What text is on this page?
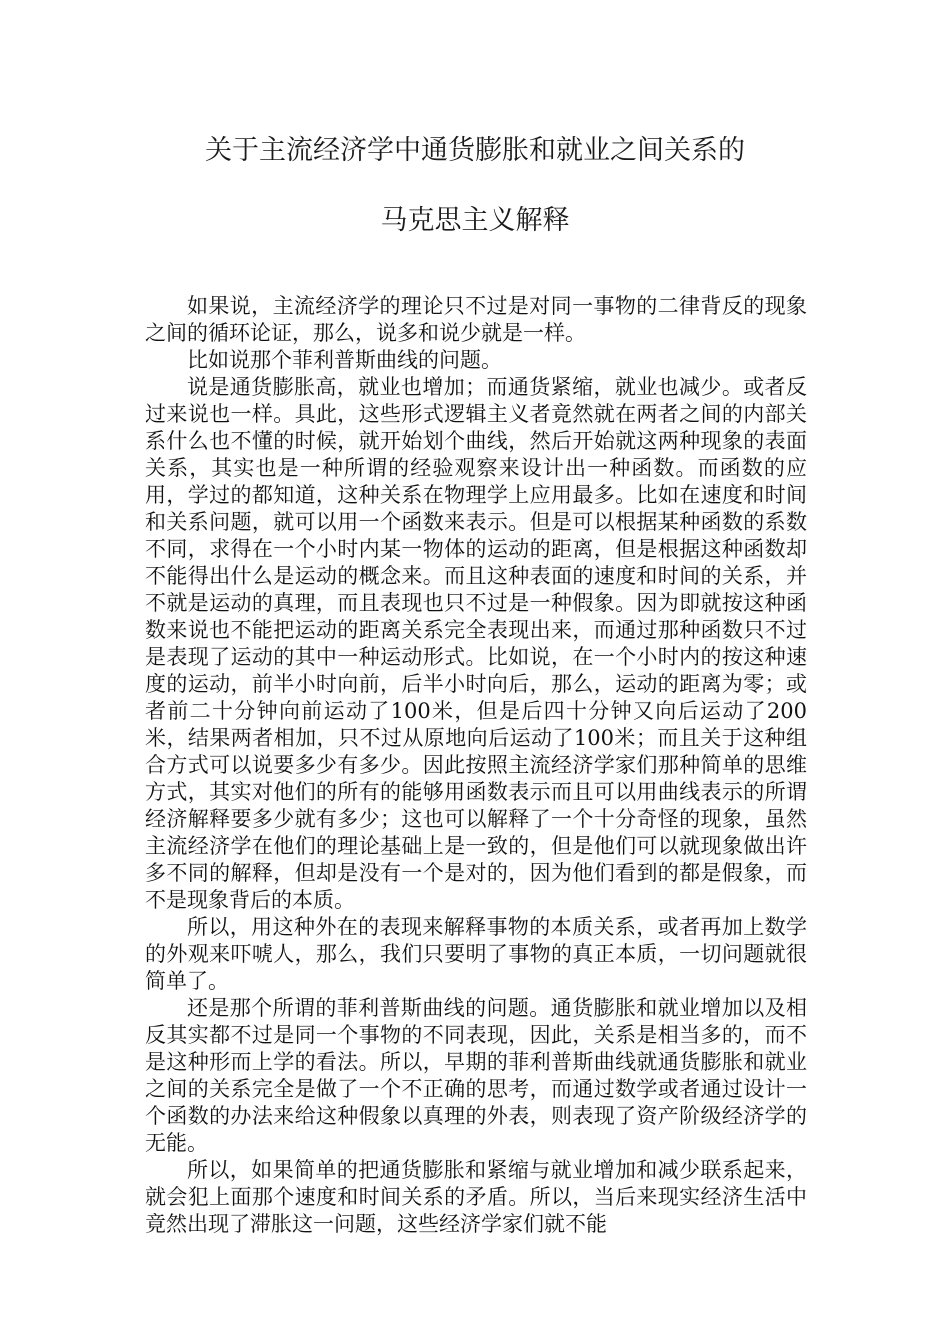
关于主流经济学中通货膨胀和就业之间关系的
马克思主义解释

如果说，主流经济学的理论只不过是对同一事物的二律背反的现象之间的循环论证，那么，说多和说少就是一样。

比如说那个菲利普斯曲线的问题。

说是通货膨胀高，就业也增加；而通货紧缩，就业也减少。或者反过来说也一样。具此，这些形式逻辑主义者竟然就在两者之间的内部关系什么也不懂的时候，就开始划个曲线，然后开始就这两种现象的表面关系，其实也是一种所谓的经验观察来设计出一种函数。而函数的应用，学过的都知道，这种关系在物理学上应用最多。比如在速度和时间和关系问题，就可以用一个函数来表示。但是可以根据某种函数的系数不同，求得在一个小时内某一物体的运动的距离，但是根据这种函数却不能得出什么是运动的概念来。而且这种表面的速度和时间的关系，并不就是运动的真理，而且表现也只不过是一种假象。因为即就按这种函数来说也不能把运动的距离关系完全表现出来，而通过那种函数只不过是表现了运动的其中一种运动形式。比如说，在一个小时内的按这种速度的运动，前半小时向前，后半小时向后，那么，运动的距离为零；或者前二十分钟向前运动了100米，但是后四十分钟又向后运动了200米，结果两者相加，只不过从原地向后运动了100米；而且关于这种组合方式可以说要多少有多少。因此按照主流经济学家们那种简单的思维方式，其实对他们的所有的能够用函数表示而且可以用曲线表示的所谓经济解释要多少就有多少；这也可以解释了一个十分奇怪的现象，虽然主流经济学在他们的理论基础上是一致的，但是他们可以就现象做出许多不同的解释，但却是没有一个是对的，因为他们看到的都是假象，而不是现象背后的本质。

所以，用这种外在的表现来解释事物的本质关系，或者再加上数学的外观来吓唬人，那么，我们只要明了事物的真正本质，一切问题就很简单了。

还是那个所谓的菲利普斯曲线的问题。通货膨胀和就业增加以及相反其实都不过是同一个事物的不同表现，因此，关系是相当多的，而不是这种形而上学的看法。所以，早期的菲利普斯曲线就通货膨胀和就业之间的关系完全是做了一个不正确的思考，而通过数学或者通过设计一个函数的办法来给这种假象以真理的外表，则表现了资产阶级经济学的无能。

所以，如果简单的把通货膨胀和紧缩与就业增加和减少联系起来，就会犯上面那个速度和时间关系的矛盾。所以，当后来现实经济生活中竟然出现了滞胀这一问题，这些经济学家们就不能
